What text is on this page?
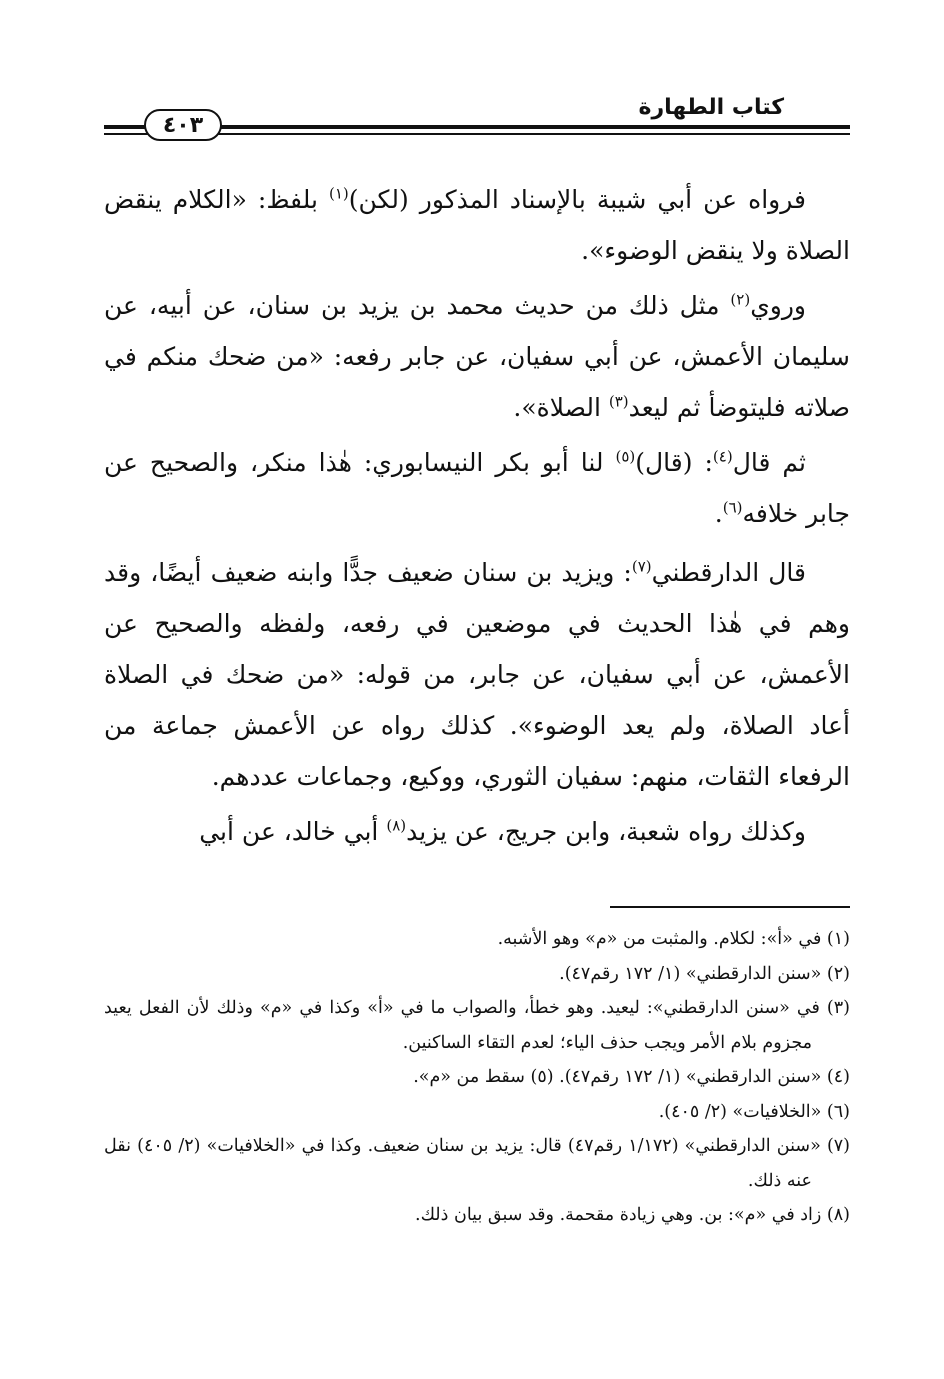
٤٠٣
كتاب الطهارة

فرواه عن أبي شيبة بالإسناد المذكور (لكن)$^{(١)}$ بلفظ: «الكلام ينقض الصلاة ولا ينقض الوضوء».

وروي$^{(٢)}$ مثل ذلك من حديث محمد بن يزيد بن سنان، عن أبيه، عن سليمان الأعمش، عن أبي سفيان، عن جابر رفعه: «من ضحك منكم في صلاته فليتوضأ ثم ليعد$^{(٣)}$ الصلاة».

ثم قال$^{(٤)}$: (قال)$^{(٥)}$ لنا أبو بكر النيسابوري: هٰذا منكر، والصحيح عن جابر خلافه$^{(٦)}$.

قال الدارقطني$^{(٧)}$: ويزيد بن سنان ضعيف جدًّا وابنه ضعيف أيضًا، وقد وهم في هٰذا الحديث في موضعين في رفعه، ولفظه والصحيح عن الأعمش، عن أبي سفيان، عن جابر، من قوله: «من ضحك في الصلاة أعاد الصلاة، ولم يعد الوضوء». كذلك رواه عن الأعمش جماعة من الرفعاء الثقات، منهم: سفيان الثوري، ووكيع، وجماعات عددهم.

وكذلك رواه شعبة، وابن جريج، عن يزيد$^{(٨)}$ أبي خالد، عن أبي

(١) في «أ»: لكلام. والمثبت من «م» وهو الأشبه.

(٢) «سنن الدارقطني» (١/ ١٧٢ رقم٤٧).

(٣) في «سنن الدارقطني»: ليعيد. وهو خطأ، والصواب ما في «أ» وكذا في «م» وذلك لأن الفعل يعيد مجزوم بلام الأمر ويجب حذف الياء؛ لعدم التقاء الساكنين.

(٤) «سنن الدارقطني» (١/ ١٧٢ رقم٤٧). (٥) سقط من «م».

(٦) «الخلافيات» (٢/ ٤٠٥).

(٧) «سنن الدارقطني» (١/١٧٢ رقم٤٧) قال: يزيد بن سنان ضعيف. وكذا في «الخلافيات» (٢/ ٤٠٥) نقل عنه ذلك.

(٨) زاد في «م»: بن. وهي زيادة مقحمة. وقد سبق بيان ذلك.
